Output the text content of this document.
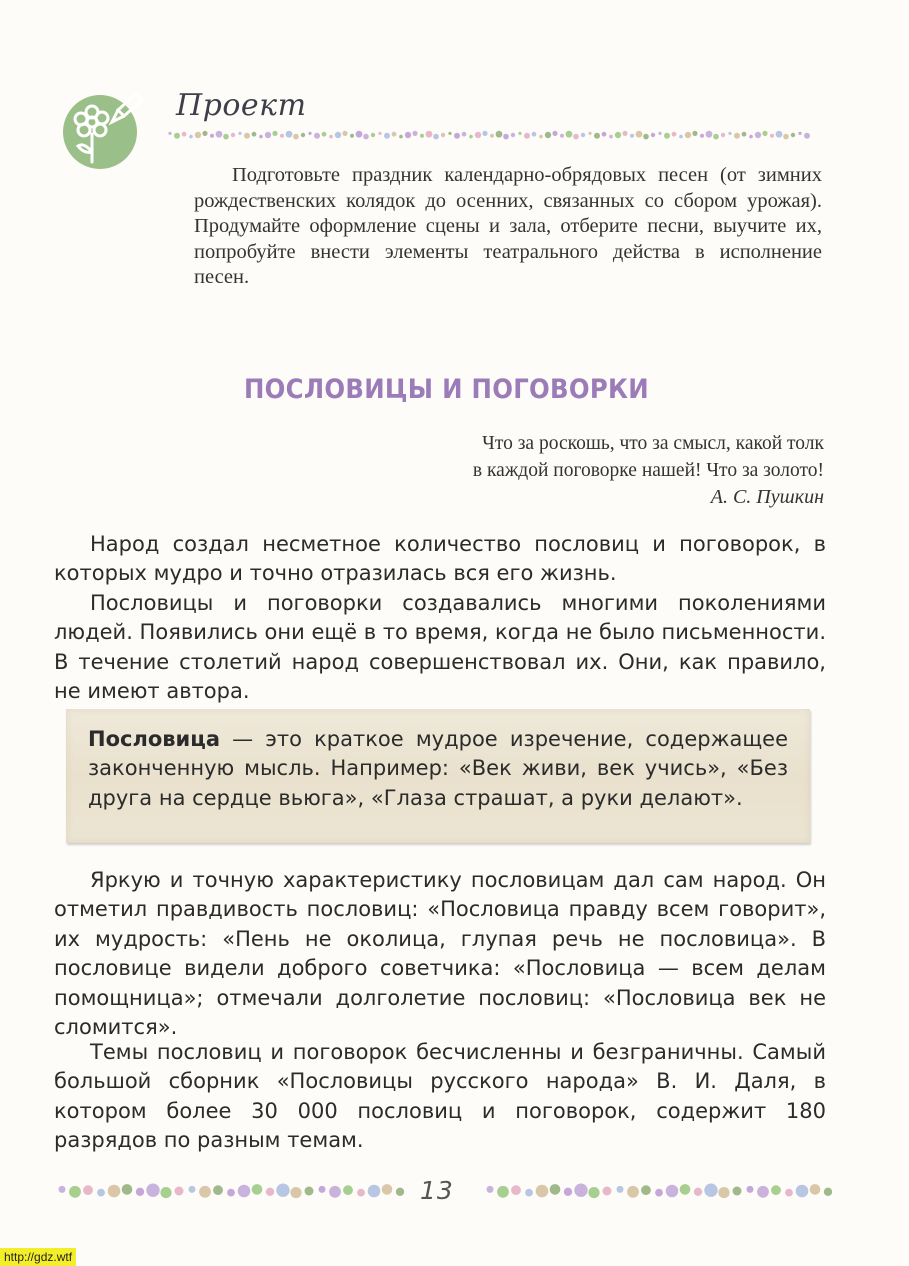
Проект

Подготовьте праздник календарно-обрядовых песен (от зимних рождественских колядок до осенних, связанных со сбором урожая). Продумайте оформление сцены и зала, отберите песни, выучите их, попробуйте внести элементы театрального действа в исполнение песен.

ПОСЛОВИЦЫ И ПОГОВОРКИ
Что за роскошь, что за смысл, какой толк
в каждой поговорке нашей! Что за золото!
А. С. Пушкин

Народ создал несметное количество пословиц и поговорок, в которых мудро и точно отразилась вся его жизнь.

Пословицы и поговорки создавались многими поколениями людей. Появились они ещё в то время, когда не было письменности. В течение столетий народ совершенствовал их. Они, как правило, не имеют автора.

Пословица — это краткое мудрое изречение, содержащее законченную мысль. Например: «Век живи, век учись», «Без друга на сердце вьюга», «Глаза страшат, а руки делают».

Яркую и точную характеристику пословицам дал сам народ. Он отметил правдивость пословиц: «Пословица правду всем говорит», их мудрость: «Пень не околица, глупая речь не пословица». В пословице видели доброго советчика: «Пословица — всем делам помощница»; отмечали долголетие пословиц: «Пословица век не сломится».

Темы пословиц и поговорок бесчисленны и безграничны. Самый большой сборник «Пословицы русского народа» В. И. Даля, в котором более 30 000 пословиц и поговорок, содержит 180 разрядов по разным темам.

13
http://gdz.wtf
